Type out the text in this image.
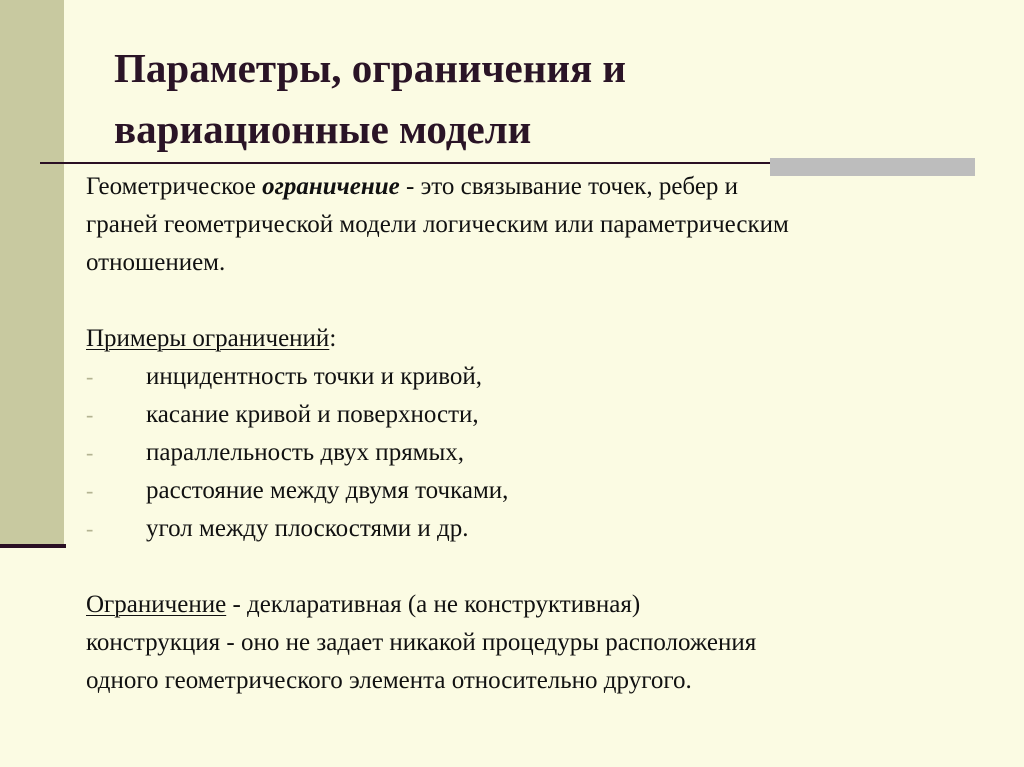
Параметры, ограничения и
вариационные модели

Геометрическое ограничение - это связывание точек, ребер и
граней геометрической модели логическим или параметрическим
отношением.

Примеры ограничений:

- инцидентность точки и кривой,
- касание кривой и поверхности,
- параллельность двух прямых,
- расстояние между двумя точками,
- угол между плоскостями и др.

Ограничение - декларативная (а не конструктивная)
конструкция - оно не задает никакой процедуры расположения
одного геометрического элемента относительно другого.
